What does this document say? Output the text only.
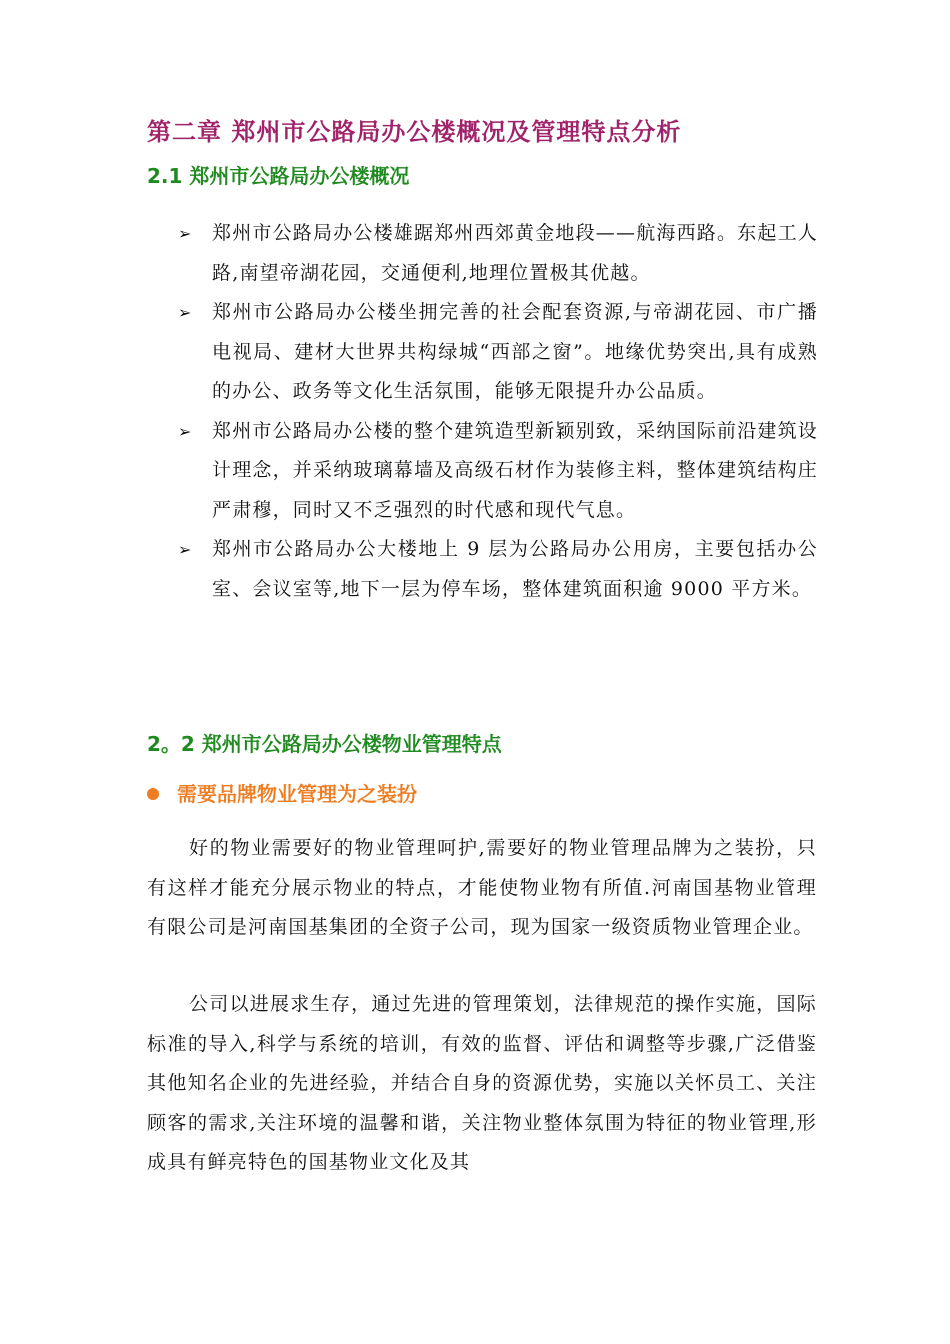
第二章 郑州市公路局办公楼概况及管理特点分析
2.1 郑州市公路局办公楼概况
➢ 郑州市公路局办公楼雄踞郑州西郊黄金地段——航海西路。东起工人路,南望帝湖花园，交通便利,地理位置极其优越。
➢ 郑州市公路局办公楼坐拥完善的社会配套资源,与帝湖花园、市广播电视局、建材大世界共构绿城“西部之窗”。地缘优势突出,具有成熟的办公、政务等文化生活氛围，能够无限提升办公品质。
➢ 郑州市公路局办公楼的整个建筑造型新颖别致，采纳国际前沿建筑设计理念，并采纳玻璃幕墙及高级石材作为装修主料，整体建筑结构庄严肃穆，同时又不乏强烈的时代感和现代气息。
➢ 郑州市公路局办公大楼地上 9 层为公路局办公用房，主要包括办公室、会议室等,地下一层为停车场，整体建筑面积逾 9000 平方米。
2。2 郑州市公路局办公楼物业管理特点
需要品牌物业管理为之装扮

好的物业需要好的物业管理呵护,需要好的物业管理品牌为之装扮，只有这样才能充分展示物业的特点，才能使物业物有所值.河南国基物业管理有限公司是河南国基集团的全资子公司，现为国家一级资质物业管理企业。

公司以进展求生存，通过先进的管理策划，法律规范的操作实施，国际标准的导入,科学与系统的培训，有效的监督、评估和调整等步骤,广泛借鉴其他知名企业的先进经验，并结合自身的资源优势，实施以关怀员工、关注顾客的需求,关注环境的温馨和谐，关注物业整体氛围为特征的物业管理,形成具有鲜亮特色的国基物业文化及其
